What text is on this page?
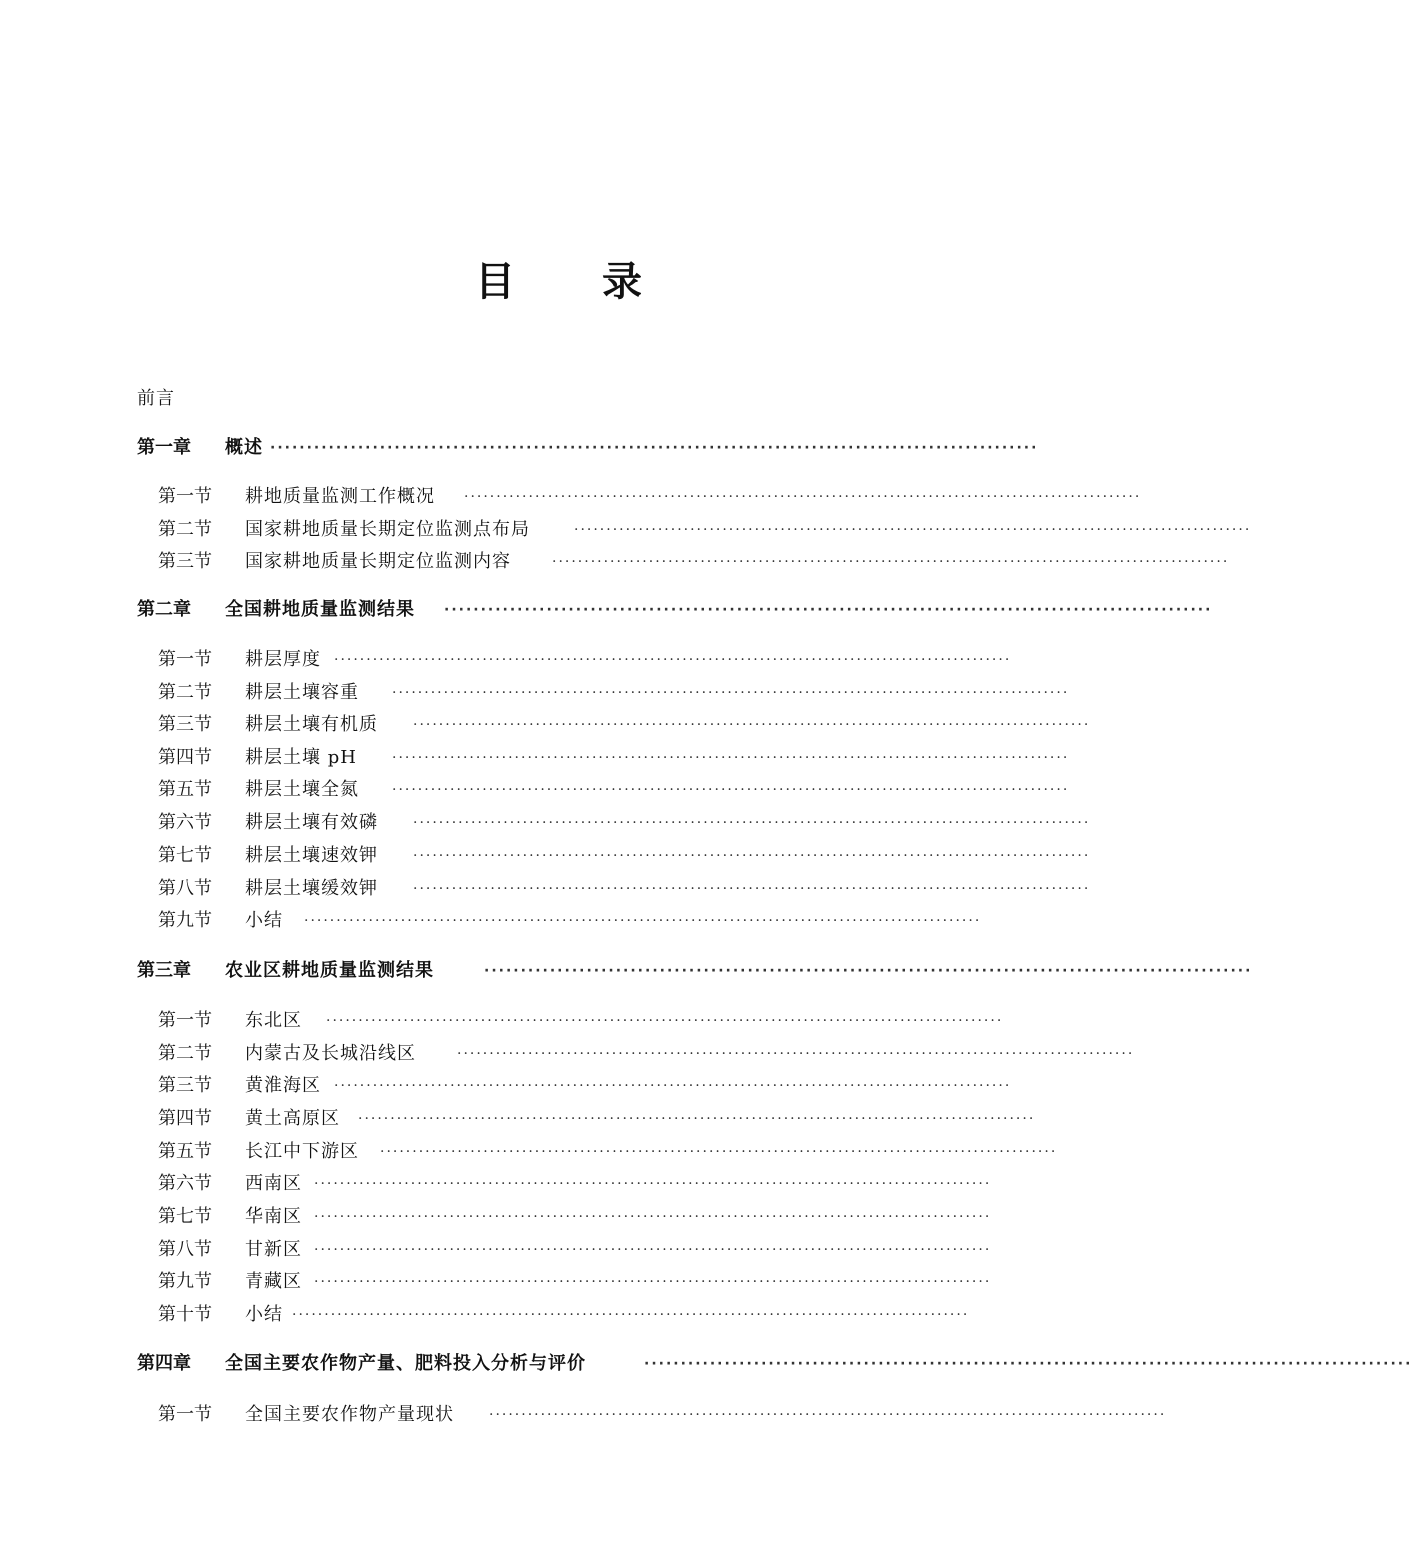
目 录
前言
第一章 概述 ·········································································································
第一节 耕地质量监测工作概况 ·········································································································
第二节 国家耕地质量长期定位监测点布局	·········································································································
第三节 国家耕地质量长期定位监测内容	·········································································································
第二章 全国耕地质量监测结果 ·········································································································
第一节 耕层厚度 ·········································································································
第二节 耕层土壤容重 ·········································································································
第三节 耕层土壤有机质	·········································································································
第四节 耕层土壤 pH	·········································································································
第五节 耕层土壤全氮 ·········································································································
第六节 耕层土壤有效磷	·········································································································
第七节 耕层土壤速效钾	·········································································································
第八节 耕层土壤缓效钾	·········································································································
第九节 小结 ·········································································································
第三章 农业区耕地质量监测结果	·········································································································
第一节 东北区 ·········································································································
第二节 内蒙古及长城沿线区	·········································································································
第三节 黄淮海区 ·········································································································
第四节 黄土高原区 ·········································································································
第五节 长江中下游区 ·········································································································
第六节 西南区 ·········································································································
第七节 华南区 ·········································································································
第八节 甘新区 ·········································································································
第九节 青藏区 ·········································································································
第十节 小结 ·········································································································
第四章 全国主要农作物产量、肥料投入分析与评价	·········································································································
第一节 全国主要农作物产量现状	·········································································································
